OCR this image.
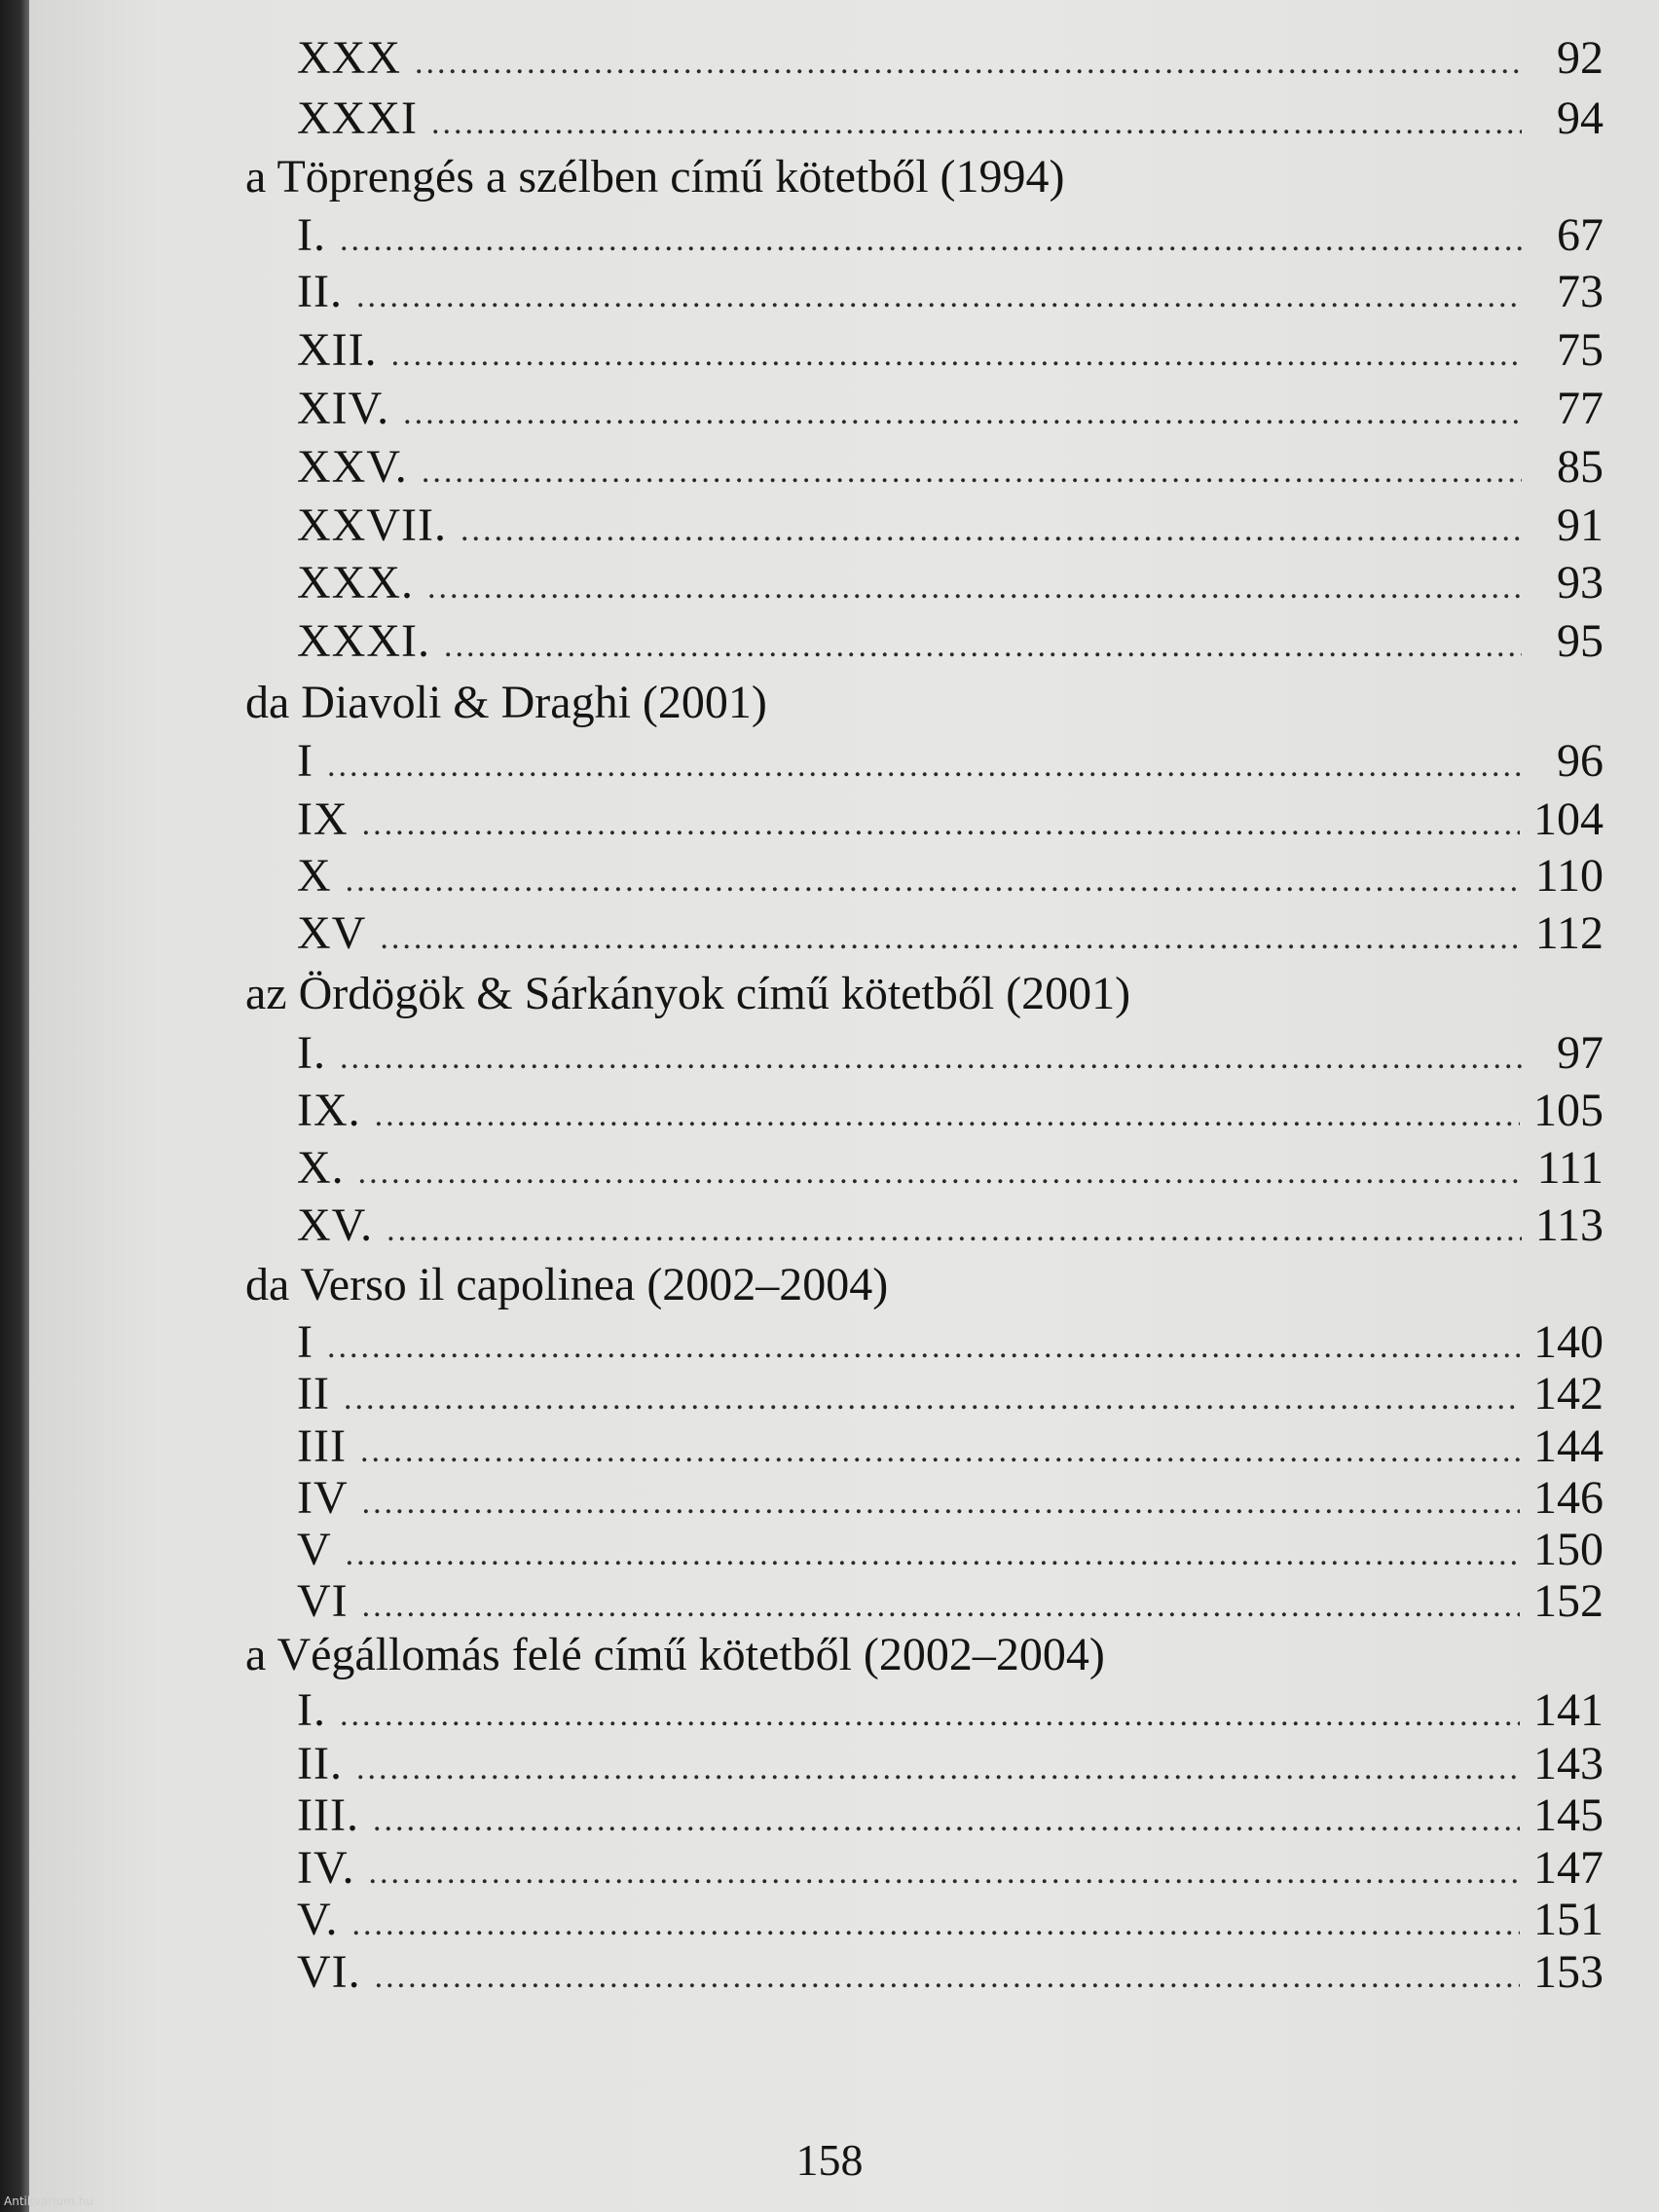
XXX .....	92
XXXI .....	94
a Töprengés a szélben című kötetből (1994)
I. .....	67
II. .....	73
XII. .....	75
XIV. .....	77
XXV. .....	85
XXVII. .....	91
XXX. .....	93
XXXI. .....	95
da Diavoli & Draghi (2001)
I .....	96
IX .....	104
X .....	110
XV .....	112
az Ördögök & Sárkányok című kötetből (2001)
I. .....	97
IX. .....	105
X. .....	111
XV. .....	113
da Verso il capolinea (2002–2004)
I .....	140
II .....	142
III .....	144
IV .....	146
V .....	150
VI .....	152
a Végállomás felé című kötetből (2002–2004)
I. .....	141
II. .....	143
III. .....	145
IV. .....	147
V. .....	151
VI. .....	153
158
Antikvarium.hu
